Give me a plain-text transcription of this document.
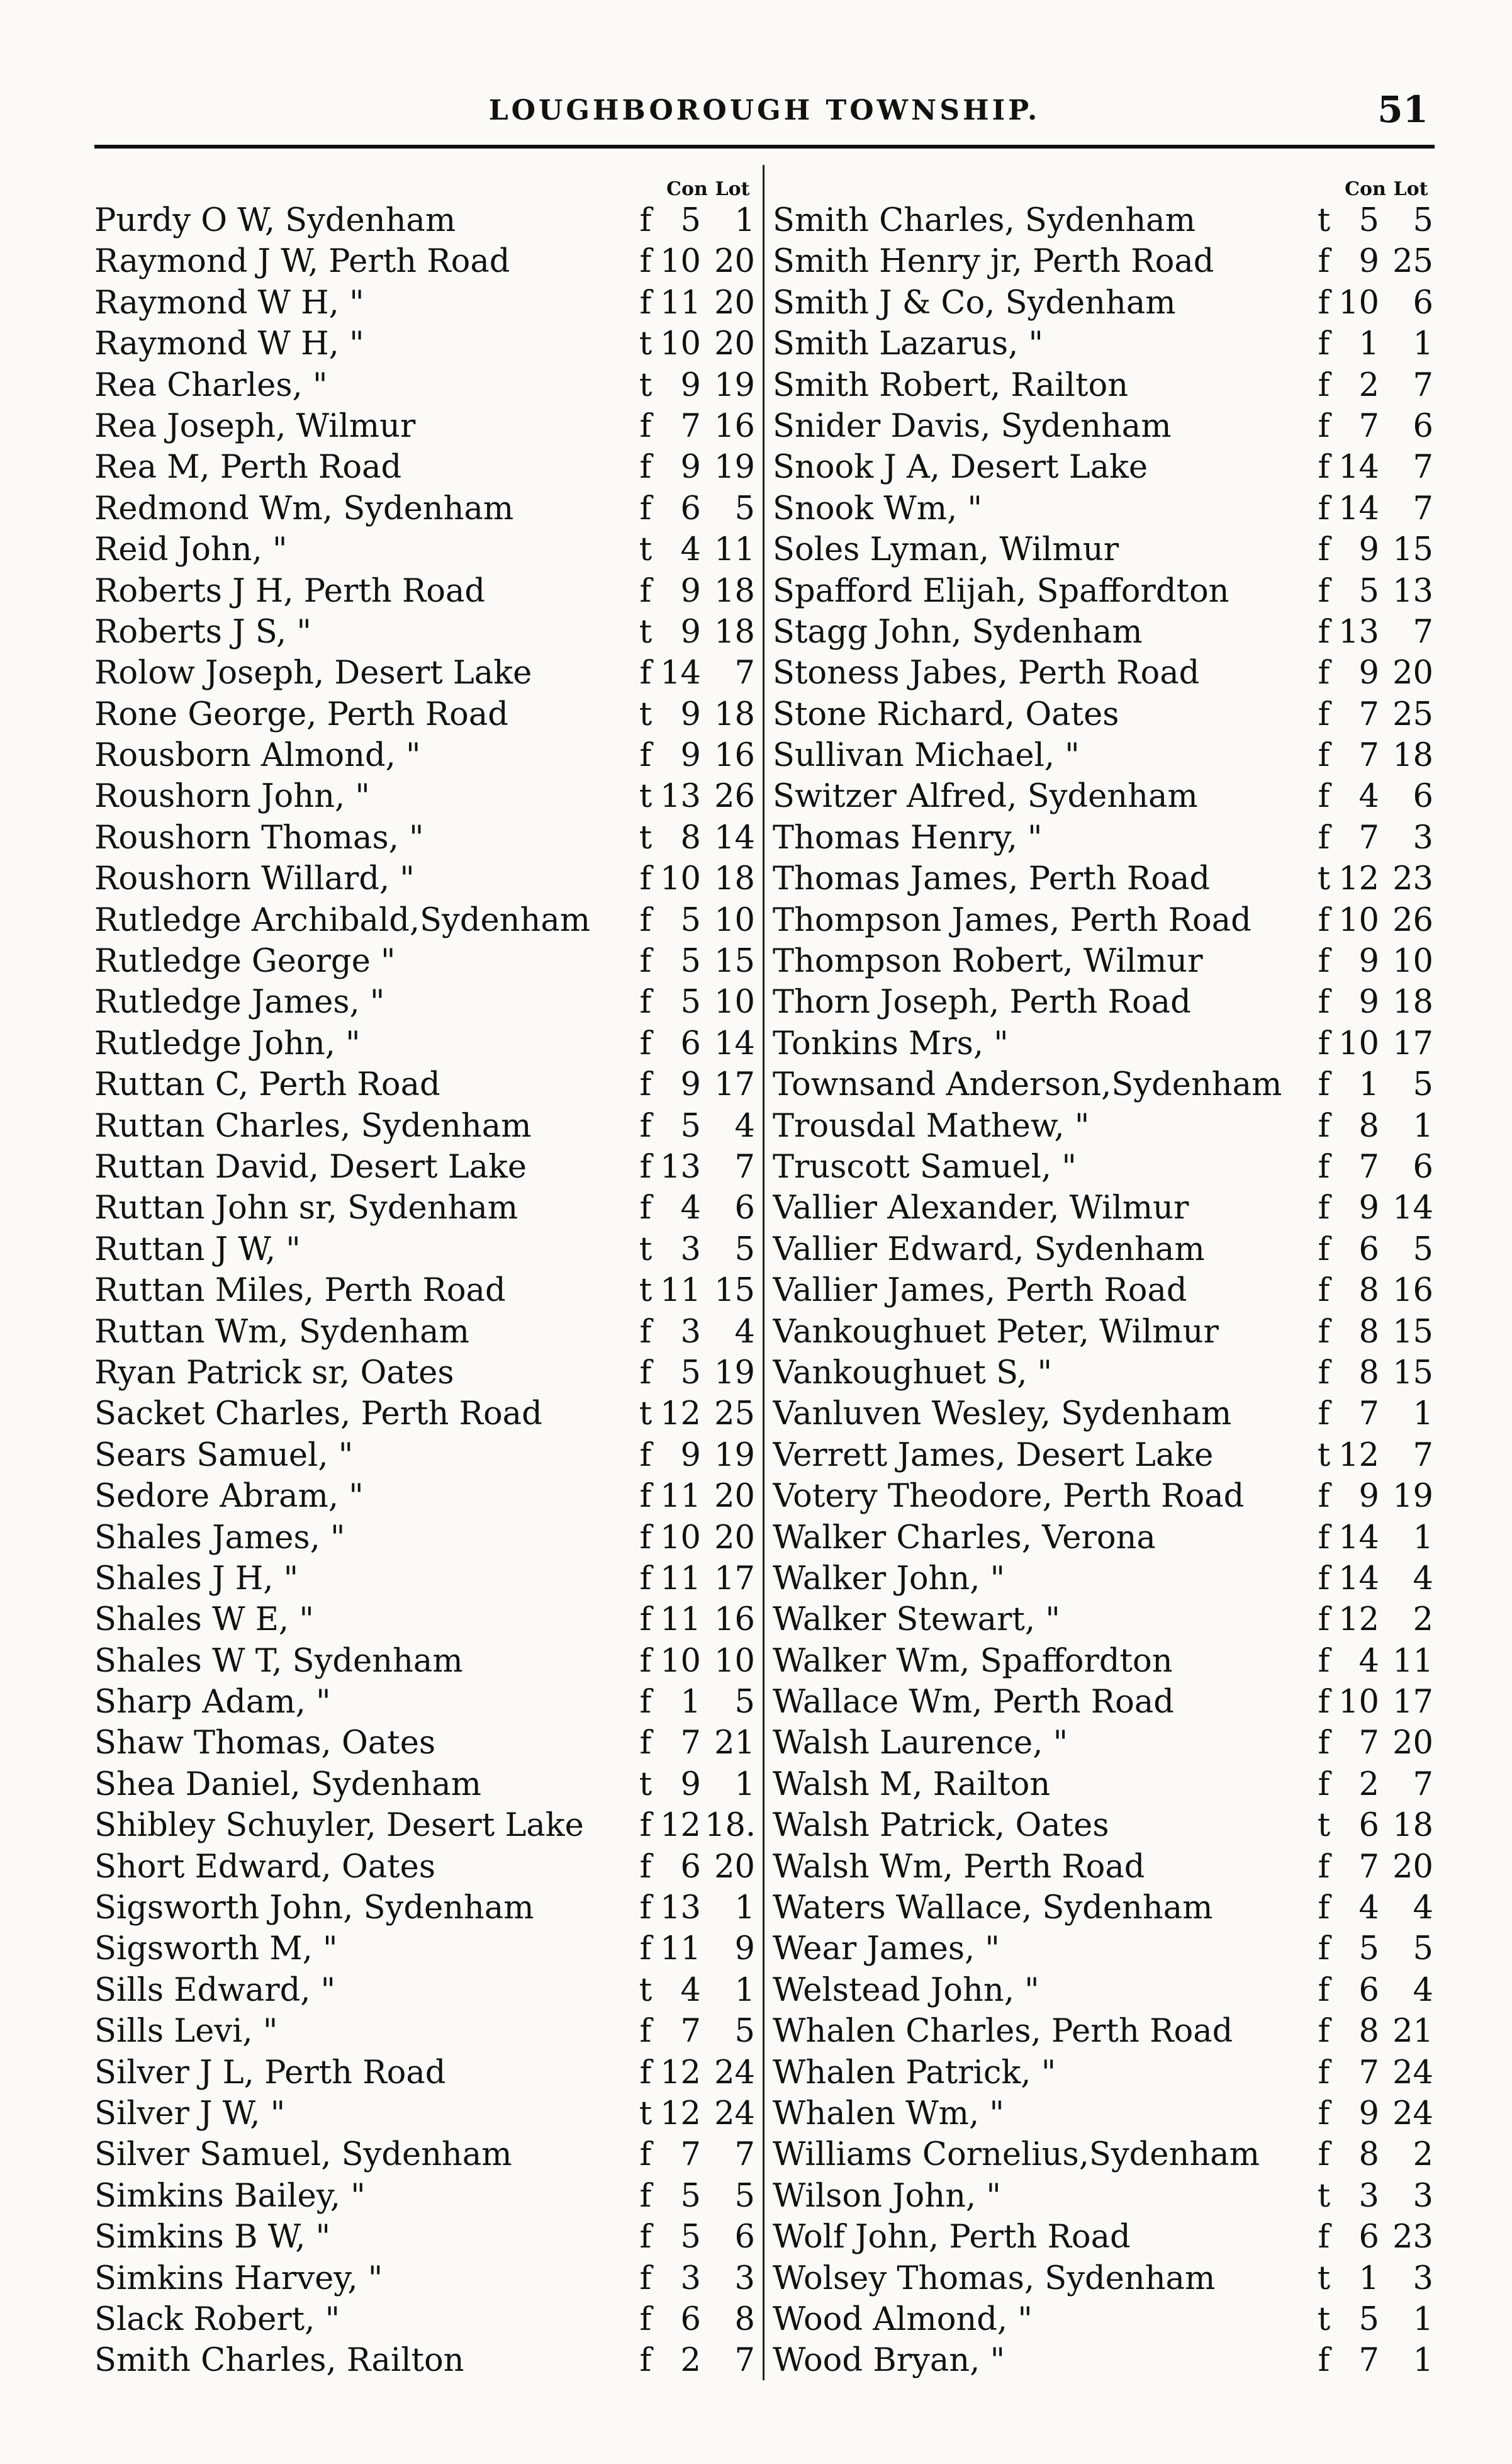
LOUGHBOROUGH TOWNSHIP.	51
Con Lot
Purdy O W, Sydenham	f 5	1
Raymond J W, Perth Road	f 10 20
Raymond W H, "	f 11 20
Raymond W H, "	t 10 20
Rea Charles, "	t 9 19
Rea Joseph, Wilmur	f 7 16
Rea M, Perth Road	f 9 19
Redmond Wm, Sydenham	f 6	5
Reid John, "	t 4 11
Roberts J H, Perth Road	f 9 18
Roberts J S, "	t 9 18
Rolow Joseph, Desert Lake	f 14	7
Rone George, Perth Road	t 9 18
Rousborn Almond, "	f 9 16
Roushorn John, "	t 13 26
Roushorn Thomas, "	t 8 14
Roushorn Willard, "	f 10 18
Rutledge Archibald,Sydenham	f 5 10
Rutledge George "	f 5 15
Rutledge James, "	f 5 10
Rutledge John, "	f 6 14
Ruttan C, Perth Road	f 9 17
Ruttan Charles, Sydenham	f 5	4
Ruttan David, Desert Lake	f 13	7
Ruttan John sr, Sydenham	f 4	6
Ruttan J W, "	t 3	5
Ruttan Miles, Perth Road	t 11 15
Ruttan Wm, Sydenham	f 3	4
Ryan Patrick sr, Oates	f 5 19
Sacket Charles, Perth Road	t 12 25
Sears Samuel, "	f 9 19
Sedore Abram, "	f 11 20
Shales James, "	f 10 20
Shales J H, "	f 11 17
Shales W E, "	f 11 16
Shales W T, Sydenham	f 10 10
Sharp Adam, "	f 1	5
Shaw Thomas, Oates	f 7 21
Shea Daniel, Sydenham	t 9	1
Shibley Schuyler, Desert Lake	f 12 18.
Short Edward, Oates	f 6 20
Sigsworth John, Sydenham	f 13	1
Sigsworth M, "	f 11	9
Sills Edward, "	t 4	1
Sills Levi, "	f 7	5
Silver J L, Perth Road	f 12 24
Silver J W, "	t 12 24
Silver Samuel, Sydenham	f 7	7
Simkins Bailey, "	f 5	5
Simkins B W, "	f 5	6
Simkins Harvey, "	f 3	3
Slack Robert, "	f 6	8
Smith Charles, Railton	f 2	7
Con Lot
Smith Charles, Sydenham	t 5	5
Smith Henry jr, Perth Road	f 9 25
Smith J & Co, Sydenham	f 10	6
Smith Lazarus, "	f 1	1
Smith Robert, Railton	f 2	7
Snider Davis, Sydenham	f 7	6
Snook J A, Desert Lake	f 14	7
Snook Wm, "	f 14	7
Soles Lyman, Wilmur	f 9 15
Spafford Elijah, Spaffordton	f 5 13
Stagg John, Sydenham	f 13	7
Stoness Jabes, Perth Road	f 9 20
Stone Richard, Oates	f 7 25
Sullivan Michael, "	f 7 18
Switzer Alfred, Sydenham	f 4	6
Thomas Henry, "	f 7	3
Thomas James, Perth Road	t 12 23
Thompson James, Perth Road	f 10 26
Thompson Robert, Wilmur	f 9 10
Thorn Joseph, Perth Road	f 9 18
Tonkins Mrs, "	f 10 17
Townsand Anderson,Sydenham	f 1	5
Trousdal Mathew, "	f 8	1
Truscott Samuel, "	f 7	6
Vallier Alexander, Wilmur	f 9 14
Vallier Edward, Sydenham	f 6	5
Vallier James, Perth Road	f 8 16
Vankoughuet Peter, Wilmur	f 8 15
Vankoughuet S, "	f 8 15
Vanluven Wesley, Sydenham	f 7	1
Verrett James, Desert Lake	t 12	7
Votery Theodore, Perth Road	f 9 19
Walker Charles, Verona	f 14	1
Walker John, "	f 14	4
Walker Stewart, "	f 12	2
Walker Wm, Spaffordton	f 4 11
Wallace Wm, Perth Road	f 10 17
Walsh Laurence, "	f 7 20
Walsh M, Railton	f 2	7
Walsh Patrick, Oates	t 6 18
Walsh Wm, Perth Road	f 7 20
Waters Wallace, Sydenham	f 4	4
Wear James, "	f 5	5
Welstead John, "	f 6	4
Whalen Charles, Perth Road	f 8 21
Whalen Patrick, "	f 7 24
Whalen Wm, "	f 9 24
Williams Cornelius,Sydenham	f 8	2
Wilson John, "	t 3	3
Wolf John, Perth Road	f 6 23
Wolsey Thomas, Sydenham	t 1	3
Wood Almond, "	t 5	1
Wood Bryan, "	f 7	1
